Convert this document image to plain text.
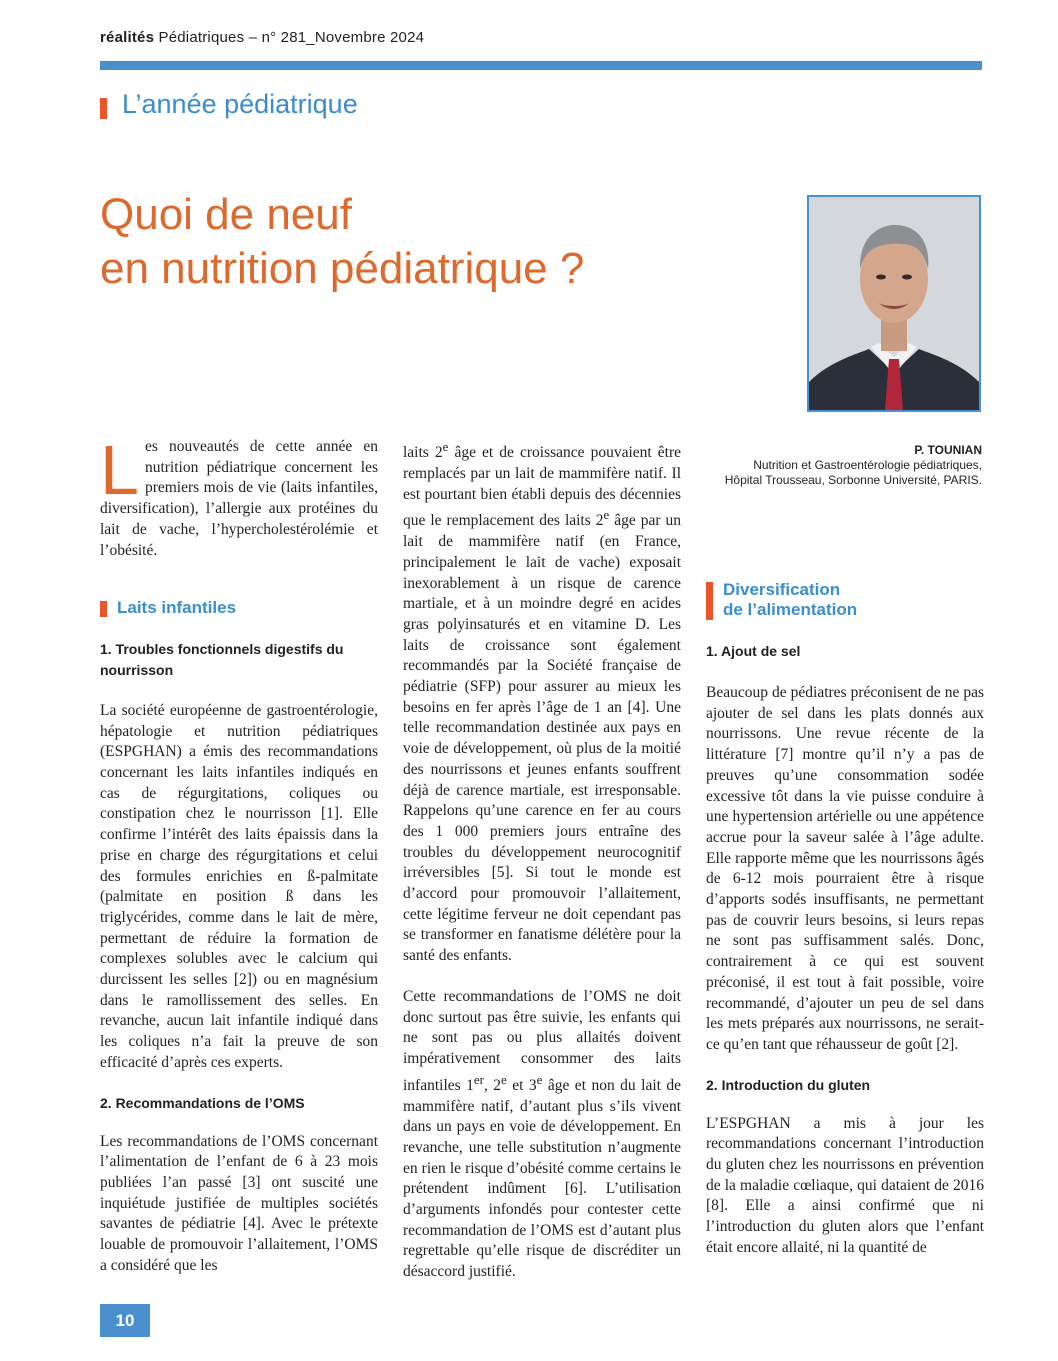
réalités Pédiatriques – n° 281_Novembre 2024
L’année pédiatrique
Quoi de neuf
en nutrition pédiatrique ?
P. TOUNIAN
Nutrition et Gastroentérologie pédiatriques,
Hôpital Trousseau, Sorbonne Université, PARIS.

Les nouveautés de cette année en nutrition pédiatrique concernent les premiers mois de vie (laits infantiles, diversification), l’allergie aux protéines du lait de vache, l’hypercholestérolémie et l’obésité.

Laits infantiles
1. Troubles fonctionnels digestifs du nourrisson

La société européenne de gastroentérologie, hépatologie et nutrition pédiatriques (ESPGHAN) a émis des recommandations concernant les laits infantiles indiqués en cas de régurgitations, coliques ou constipation chez le nourrisson [1]. Elle confirme l’intérêt des laits épaissis dans la prise en charge des régurgitations et celui des formules enrichies en ß-palmitate (palmitate en position ß dans les triglycérides, comme dans le lait de mère, permettant de réduire la formation de complexes solubles avec le calcium qui durcissent les selles [2]) ou en magnésium dans le ramollissement des selles. En revanche, aucun lait infantile indiqué dans les coliques n’a fait la preuve de son efficacité d’après ces experts.

2. Recommandations de l’OMS

Les recommandations de l’OMS concernant l’alimentation de l’enfant de 6 à 23 mois publiées l’an passé [3] ont suscité une inquiétude justifiée de multiples sociétés savantes de pédiatrie [4]. Avec le prétexte louable de promouvoir l’allaitement, l’OMS a considéré que les

laits 2e âge et de croissance pouvaient être remplacés par un lait de mammifère natif. Il est pourtant bien établi depuis des décennies que le remplacement des laits 2e âge par un lait de mammifère natif (en France, principalement le lait de vache) exposait inexorablement à un risque de carence martiale, et à un moindre degré en acides gras polyinsaturés et en vitamine D. Les laits de croissance sont également recommandés par la Société française de pédiatrie (SFP) pour assurer au mieux les besoins en fer après l’âge de 1 an [4]. Une telle recommandation destinée aux pays en voie de développement, où plus de la moitié des nourrissons et jeunes enfants souffrent déjà de carence martiale, est irresponsable. Rappelons qu’une carence en fer au cours des 1 000 premiers jours entraîne des troubles du développement neurocognitif irréversibles [5]. Si tout le monde est d’accord pour promouvoir l’allaitement, cette légitime ferveur ne doit cependant pas se transformer en fanatisme délétère pour la santé des enfants.

Cette recommandations de l’OMS ne doit donc surtout pas être suivie, les enfants qui ne sont pas ou plus allaités doivent impérativement consommer des laits infantiles 1er, 2e et 3e âge et non du lait de mammifère natif, d’autant plus s’ils vivent dans un pays en voie de développement. En revanche, une telle substitution n’augmente en rien le risque d’obésité comme certains le prétendent indûment [6]. L’utilisation d’arguments infondés pour contester cette recommandation de l’OMS est d’autant plus regrettable qu’elle risque de discréditer un désaccord justifié.

Diversification
de l’alimentation
1. Ajout de sel

Beaucoup de pédiatres préconisent de ne pas ajouter de sel dans les plats donnés aux nourrissons. Une revue récente de la littérature [7] montre qu’il n’y a pas de preuves qu’une consommation sodée excessive tôt dans la vie puisse conduire à une hypertension artérielle ou une appétence accrue pour la saveur salée à l’âge adulte. Elle rapporte même que les nourrissons âgés de 6-12 mois pourraient être à risque d’apports sodés insuffisants, ne permettant pas de couvrir leurs besoins, si leurs repas ne sont pas suffisamment salés. Donc, contrairement à ce qui est souvent préconisé, il est tout à fait possible, voire recommandé, d’ajouter un peu de sel dans les mets préparés aux nourrissons, ne serait-ce qu’en tant que réhausseur de goût [2].

2. Introduction du gluten

L’ESPGHAN a mis à jour les recommandations concernant l’introduction du gluten chez les nourrissons en prévention de la maladie cœliaque, qui dataient de 2016 [8]. Elle a ainsi confirmé que ni l’introduction du gluten alors que l’enfant était encore allaité, ni la quantité de

10
